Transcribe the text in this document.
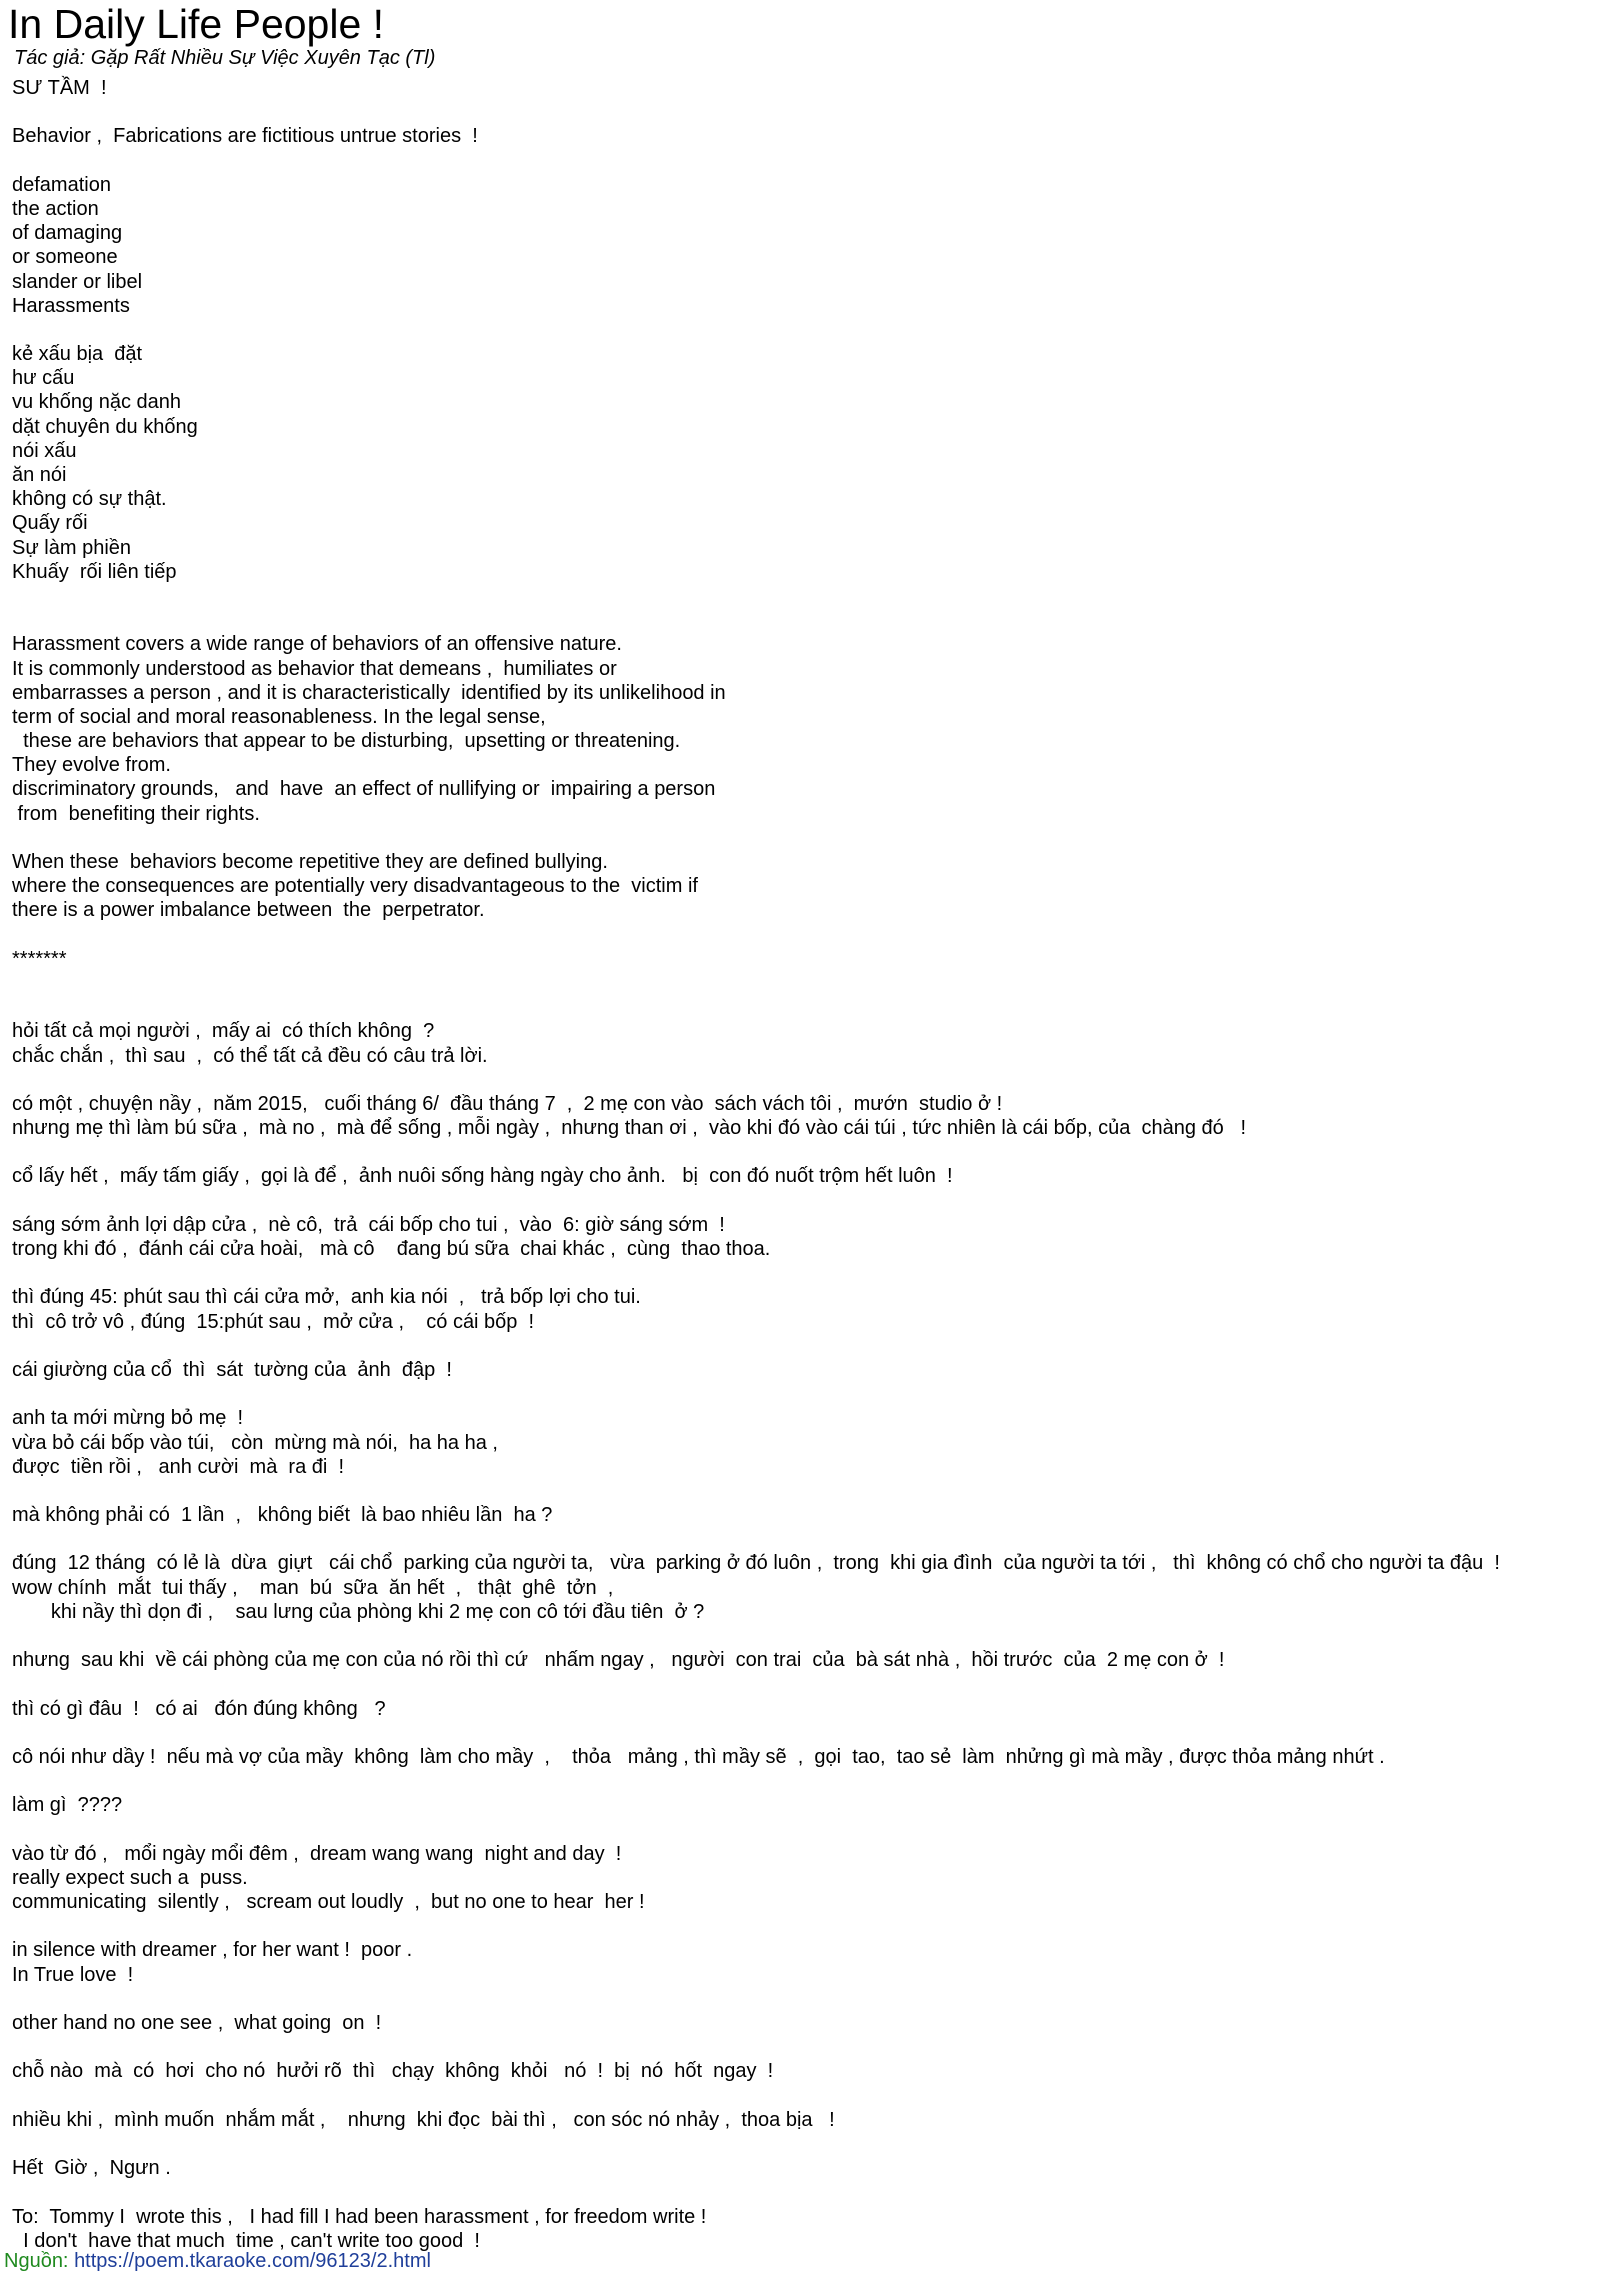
In Daily Life People !
Tác giả: Gặp Rất Nhiều Sự Việc Xuyên Tạc (Tl)
SƯ TẦM  !

Behavior ,  Fabrications are fictitious untrue stories  !

defamation
the action
of damaging
or someone
slander or libel
Harassments

kẻ xấu bịa  đặt
hư cấu
vu khống nặc danh
dặt chuyên du khống
nói xấu
ăn nói
không có sự thật.
Quấy rối
Sự làm phiền
Khuấy  rối liên tiếp

Harassment covers a wide range of behaviors of an offensive nature.
It is commonly understood as behavior that demeans ,  humiliates or
embarrasses a person , and it is characteristically  identified by its unlikelihood in
term of social and moral reasonableness. In the legal sense,
these are behaviors that appear to be disturbing,  upsetting or threatening.
They evolve from.
discriminatory grounds,   and  have  an effect of nullifying or  impairing a person
from  benefiting their rights.

When these  behaviors become repetitive they are defined bullying.
where the consequences are potentially very disadvantageous to the  victim if
there is a power imbalance between  the  perpetrator.

*******

hỏi tất cả mọi người ,  mấy ai  có thích không  ?
chắc chắn ,  thì sau  ,  có thể tất cả đều có câu trả lời.

có một , chuyện nầy ,  năm 2015,   cuối tháng 6/  đầu tháng 7  ,  2 mẹ con vào  sách vách tôi ,  mướn  studio ở !
nhưng mẹ thì làm bú sữa ,  mà no ,  mà để sống , mỗi ngày ,  nhưng than ơi ,  vào khi đó vào cái túi , tức nhiên là cái bốp, của  chàng đó   !

cổ lấy hết ,  mấy tấm giấy ,  gọi là để ,  ảnh nuôi sống hàng ngày cho ảnh.   bị  con đó nuốt trộm hết luôn  !

sáng sớm ảnh lợi dập cửa ,  nè cô,  trả  cái bốp cho tui ,  vào  6: giờ sáng sớm  !
trong khi đó ,  đánh cái cửa hoài,   mà cô    đang bú sữa  chai khác ,  cùng  thao thoa.

thì đúng 45: phút sau thì cái cửa mở,  anh kia nói  ,   trả bốp lợi cho tui.
thì  cô trở vô , đúng  15:phút sau ,  mở cửa ,    có cái bốp  !

cái giường của cổ  thì  sát  tường của  ảnh  đập  !

anh ta mới mừng bỏ mẹ  !
vừa bỏ cái bốp vào túi,   còn  mừng mà nói,  ha ha ha ,
được  tiền rồi ,   anh cười  mà  ra đi  !

mà không phải có  1 lần  ,   không biết  là bao nhiêu lần  ha ?

đúng  12 tháng  có lẻ là  dừa  giựt   cái chổ  parking của người ta,   vừa  parking ở đó luôn ,  trong  khi gia đình  của người ta tới ,   thì  không có chổ cho người ta đậu  !
wow chính  mắt  tui thấy ,    man  bú  sữa  ăn hết  ,   thật  ghê  tởn  ,
khi nầy thì dọn đi ,    sau lưng của phòng khi 2 mẹ con cô tới đầu tiên  ở ?

nhưng  sau khi  về cái phòng của mẹ con của nó rồi thì cứ   nhấm ngay ,   người  con trai  của  bà sát nhà ,  hồi trước  của  2 mẹ con ở  !

thì có gì đâu  !   có ai   đón đúng không   ?

cô nói như dầy !  nếu mà vợ của mầy  không  làm cho mầy  ,    thỏa   mảng , thì mầy sẽ  ,  gọi  tao,  tao sẻ  làm  nhửng gì mà mầy , được thỏa mảng nhứt .

làm gì  ????

vào từ đó ,   mổi ngày mổi đêm ,  dream wang wang  night and day  !
really expect such a  puss.
communicating  silently ,   scream out loudly  ,  but no one to hear  her !

in silence with dreamer , for her want !  poor .
In True love  !

other hand no one see ,  what going  on  !

chỗ nào  mà  có  hơi  cho nó  hưởi rõ  thì   chạy  không  khỏi   nó  !  bị  nó  hốt  ngay  !

nhiều khi ,  mình muốn  nhắm mắt ,    nhưng  khi đọc  bài thì ,   con sóc nó nhảy ,  thoa bịa   !

Hết  Giờ ,  Ngưn .

To:  Tommy I  wrote this ,   I had fill I had been harassment , for freedom write !
I don't  have that much  time , can't write too good  !
Nguồn: https://poem.tkaraoke.com/96123/2.html
